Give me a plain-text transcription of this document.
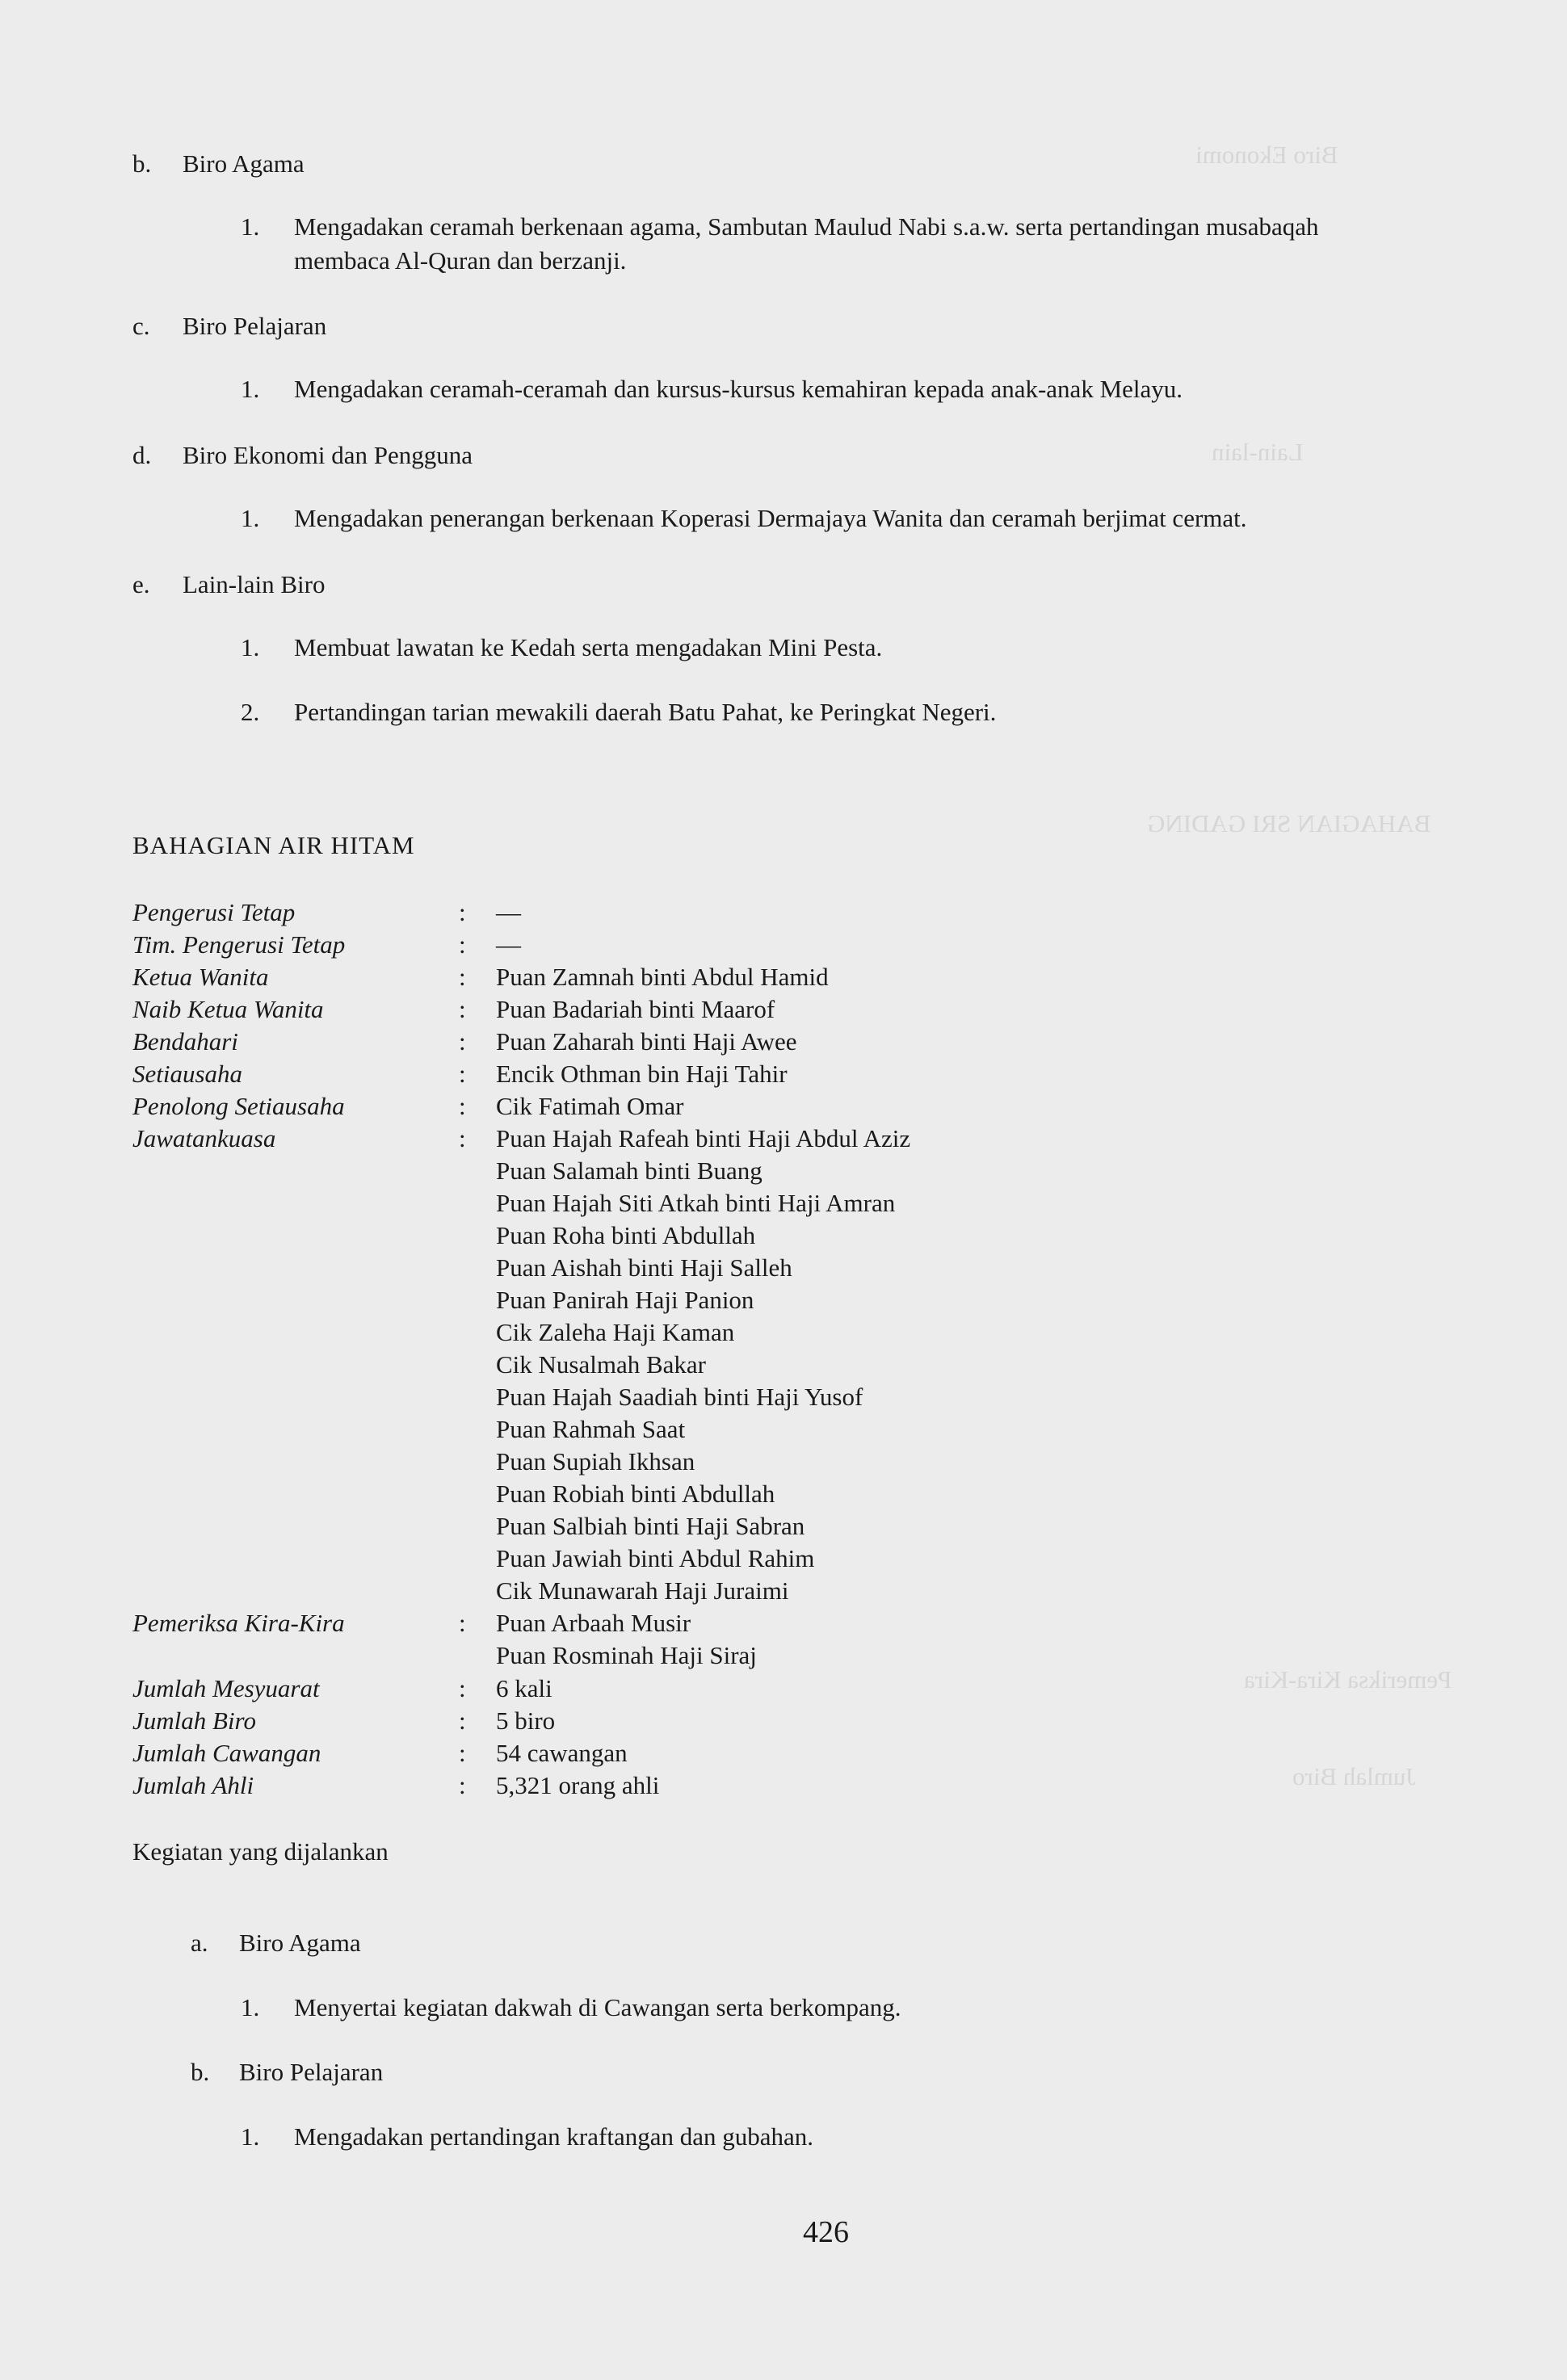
Biro Ekonomi
Lain-lain
BAHAGIAN SRI GADING
Pemeriksa Kira-Kira
Jumlah Biro
b. Biro Agama
1. Mengadakan ceramah berkenaan agama, Sambutan Maulud Nabi s.a.w. serta pertandingan musabaqah
membaca Al-Quran dan berzanji.
c. Biro Pelajaran
1. Mengadakan ceramah-ceramah dan kursus-kursus kemahiran kepada anak-anak Melayu.
d. Biro Ekonomi dan Pengguna
1. Mengadakan penerangan berkenaan Koperasi Dermajaya Wanita dan ceramah berjimat cermat.
e. Lain-lain Biro
1. Membuat lawatan ke Kedah serta mengadakan Mini Pesta.
2. Pertandingan tarian mewakili daerah Batu Pahat, ke Peringkat Negeri.
BAHAGIAN AIR HITAM
Pengerusi Tetap	: —
Tim. Pengerusi Tetap	: —
Ketua Wanita	: Puan Zamnah binti Abdul Hamid
Naib Ketua Wanita	: Puan Badariah binti Maarof
Bendahari	: Puan Zaharah binti Haji Awee
Setiausaha	: Encik Othman bin Haji Tahir
Penolong Setiausaha	: Cik Fatimah Omar
Jawatankuasa	: Puan Hajah Rafeah binti Haji Abdul Aziz
Puan Salamah binti Buang
Puan Hajah Siti Atkah binti Haji Amran
Puan Roha binti Abdullah
Puan Aishah binti Haji Salleh
Puan Panirah Haji Panion
Cik Zaleha Haji Kaman
Cik Nusalmah Bakar
Puan Hajah Saadiah binti Haji Yusof
Puan Rahmah Saat
Puan Supiah Ikhsan
Puan Robiah binti Abdullah
Puan Salbiah binti Haji Sabran
Puan Jawiah binti Abdul Rahim
Cik Munawarah Haji Juraimi
Pemeriksa Kira-Kira	: Puan Arbaah Musir
Puan Rosminah Haji Siraj
Jumlah Mesyuarat	: 6 kali
Jumlah Biro	: 5 biro
Jumlah Cawangan	: 54 cawangan
Jumlah Ahli	: 5,321 orang ahli
Kegiatan yang dijalankan
a. Biro Agama
1. Menyertai kegiatan dakwah di Cawangan serta berkompang.
b. Biro Pelajaran
1. Mengadakan pertandingan kraftangan dan gubahan.
426
